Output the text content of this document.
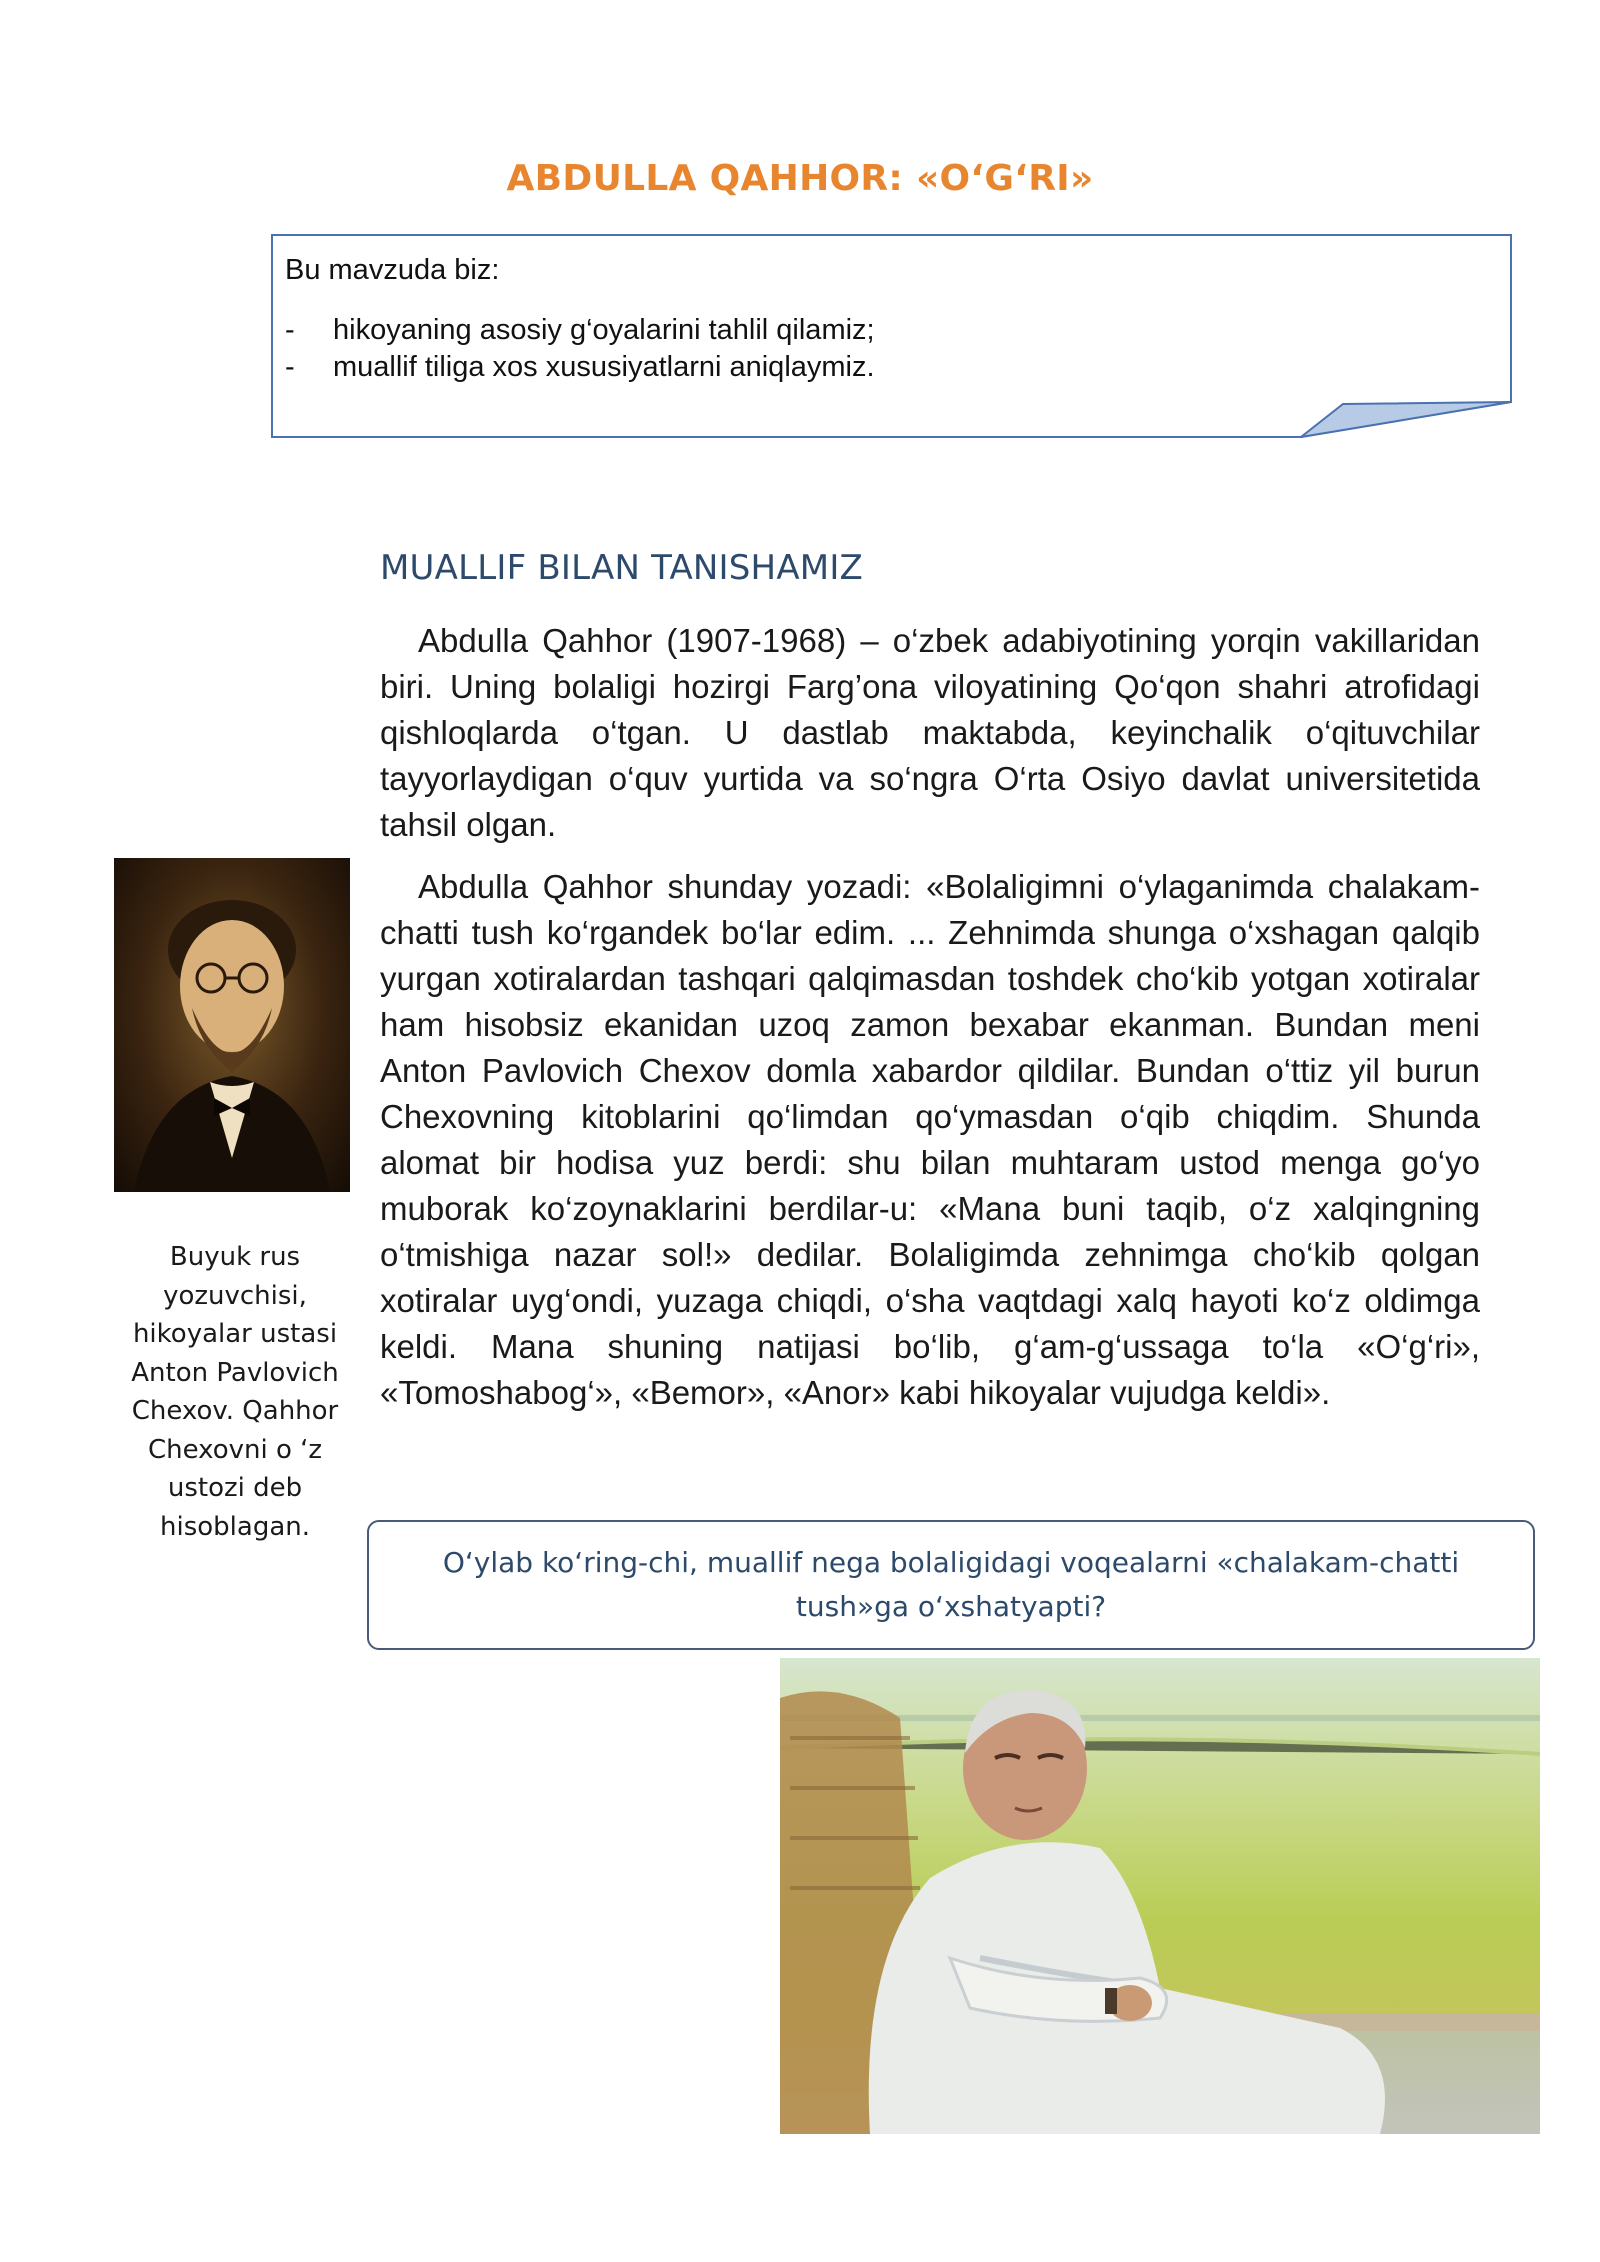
ABDULLA QAHHOR: «O‘G‘RI»
Bu mavzuda biz:
- hikoyaning asosiy g‘oyalarini tahlil qilamiz;
- muallif tiliga xos xususiyatlarni aniqlaymiz.
MUALLIF BILAN TANISHAMIZ

Abdulla Qahhor (1907-1968) – o‘zbek adabiyotining yorqin vakillaridan biri. Uning bolaligi hozirgi Farg’ona viloyatining Qo‘qon shahri atrofidagi qishloqlarda o‘tgan. U dastlab maktabda, keyinchalik o‘qituvchilar tayyorlaydigan o‘quv yurtida va so‘ngra O‘rta Osiyo davlat universitetida tahsil olgan.

Abdulla Qahhor shunday yozadi: «Bolaligimni o‘ylaganimda chalakam-chatti tush ko‘rgandek bo‘lar edim. ... Zehnimda shunga o‘xshagan qalqib yurgan xotiralardan tashqari qalqimasdan toshdek cho‘kib yotgan xotiralar ham hisobsiz ekanidan uzoq zamon bexabar ekanman. Bundan meni Anton Pavlovich Chexov domla xabardor qildilar. Bundan o‘ttiz yil burun Chexovning kitoblarini qo‘limdan qo‘ymasdan o‘qib chiqdim. Shunda alomat bir hodisa yuz berdi: shu bilan muhtaram ustod menga go‘yo muborak ko‘zoynaklarini berdilar-u: «Mana buni taqib, o‘z xalqingning o‘tmishiga nazar sol!» dedilar. Bolaligimda zehnimga cho‘kib qolgan xotiralar uyg‘ondi, yuzaga chiqdi, o‘sha vaqtdagi xalq hayoti ko‘z oldimga keldi. Mana shuning natijasi bo‘lib, g‘am-g‘ussaga to‘la «O‘g‘ri», «Tomoshabog‘», «Bemor», «Anor» kabi hikoyalar vujudga keldi».

Buyuk rus yozuvchisi, hikoyalar ustasi Anton Pavlovich Chexov. Qahhor Chexovni o ‘z ustozi deb hisoblagan.
O‘ylab ko‘ring-chi, muallif nega bolaligidagi voqealarni «chalakam-chatti tush»ga o‘xshatyapti?
